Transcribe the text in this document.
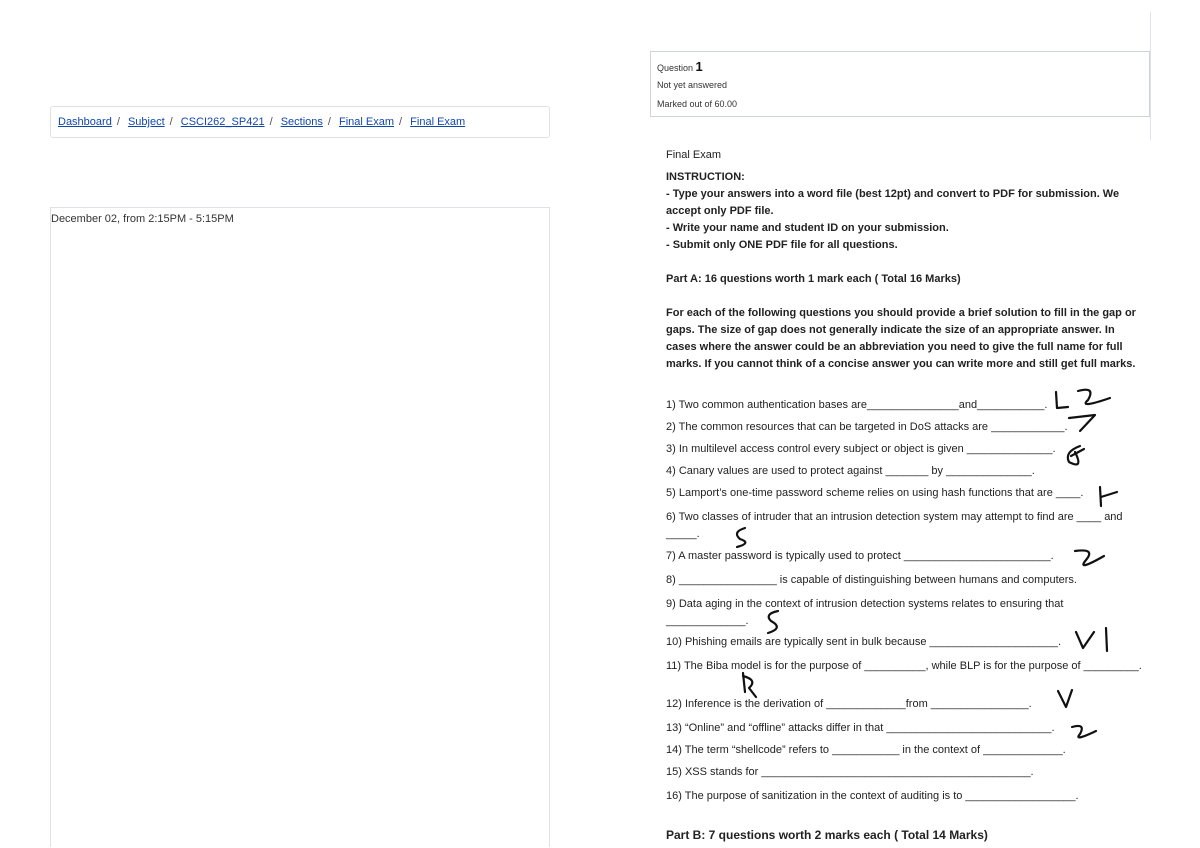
Dashboard / Subject / CSCI262_SP421 / Sections / Final Exam / Final Exam
December 02, from 2:15PM - 5:15PM
Question 1
Not yet answered
Marked out of 60.00

Final Exam

INSTRUCTION:

- Type your answers into a word file (best 12pt) and convert to PDF for submission. We accept only PDF file.

- Write your name and student ID on your submission.

- Submit only ONE PDF file for all questions.

Part A: 16 questions worth 1 mark each ( Total 16 Marks)

For each of the following questions you should provide a brief solution to fill in the gap or gaps. The size of gap does not generally indicate the size of an appropriate answer. In cases where the answer could be an abbreviation you need to give the full name for full marks. If you cannot think of a concise answer you can write more and still get full marks.

1) Two common authentication bases are_______________and___________.
2) The common resources that can be targeted in DoS attacks are ____________.
3) In multilevel access control every subject or object is given ______________.
4) Canary values are used to protect against _______ by ______________.
5) Lamport’s one-time password scheme relies on using hash functions that are ____.
6) Two classes of intruder that an intrusion detection system may attempt to find are ____ and _____.
7) A master password is typically used to protect ________________________.
8) ________________ is capable of distinguishing between humans and computers.
9) Data aging in the context of intrusion detection systems relates to ensuring that _____________.
10) Phishing emails are typically sent in bulk because _____________________.
11) The Biba model is for the purpose of __________, while BLP is for the purpose of _________.
12) Inference is the derivation of _____________from ________________.
13) “Online” and “offline” attacks differ in that ___________________________.
14) The term “shellcode” refers to ___________ in the context of _____________.
15) XSS stands for ____________________________________________.
16) The purpose of sanitization in the context of auditing is to __________________.
Part B: 7 questions worth 2 marks each ( Total 14 Marks)
